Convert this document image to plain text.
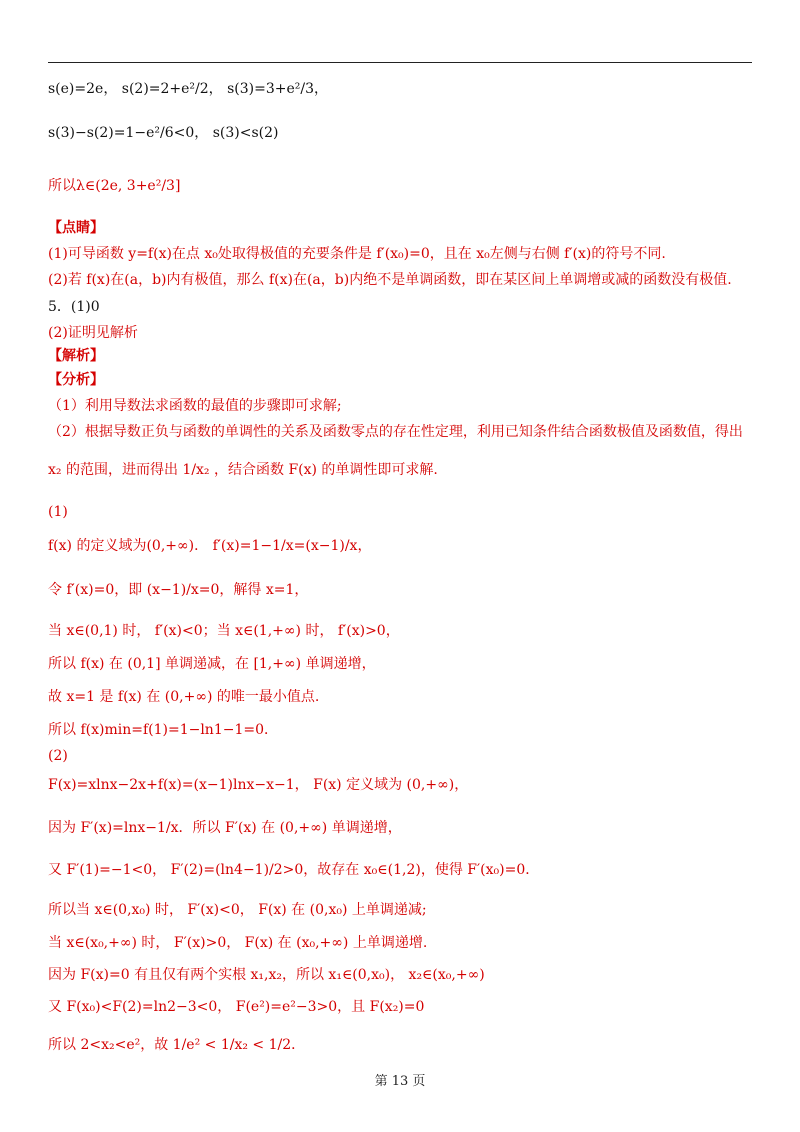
s(e)=2e， s(2)=2+e²/2， s(3)=3+e²/3，
s(3)−s(2)=1−e²/6<0， s(3)<s(2)
所以λ∈(2e, 3+e²/3]
【点睛】
(1)可导函数 y=f(x)在点 x₀处取得极值的充要条件是 f′(x₀)=0，且在 x₀左侧与右侧 f′(x)的符号不同.
(2)若 f(x)在(a，b)内有极值，那么 f(x)在(a，b)内绝不是单调函数，即在某区间上单调增或减的函数没有极值.
5．(1)0
(2)证明见解析
【解析】
【分析】
（1）利用导数法求函数的最值的步骤即可求解;
（2）根据导数正负与函数的单调性的关系及函数零点的存在性定理，利用已知条件结合函数极值及函数值，得出
x₂ 的范围，进而得出 1/x₂ ，结合函数 F(x) 的单调性即可求解.
(1)
f(x) 的定义域为(0,+∞)． f′(x)=1−1/x=(x−1)/x，
令 f′(x)=0，即 (x−1)/x=0，解得 x=1，
当 x∈(0,1) 时， f′(x)<0；当 x∈(1,+∞) 时， f′(x)>0，
所以 f(x) 在 (0,1] 单调递减，在 [1,+∞) 单调递增，
故 x=1 是 f(x) 在 (0,+∞) 的唯一最小值点.
所以 f(x)min=f(1)=1−ln1−1=0．
(2)
F(x)=xlnx−2x+f(x)=(x−1)lnx−x−1， F(x) 定义域为 (0,+∞)，
因为 F′(x)=lnx−1/x．所以 F′(x) 在 (0,+∞) 单调递增，
又 F′(1)=−1<0， F′(2)=(ln4−1)/2>0，故存在 x₀∈(1,2)，使得 F′(x₀)=0．
所以当 x∈(0,x₀) 时， F′(x)<0， F(x) 在 (0,x₀) 上单调递减;
当 x∈(x₀,+∞) 时， F′(x)>0， F(x) 在 (x₀,+∞) 上单调递增.
因为 F(x)=0 有且仅有两个实根 x₁,x₂，所以 x₁∈(0,x₀)， x₂∈(x₀,+∞)
又 F(x₀)<F(2)=ln2−3<0， F(e²)=e²−3>0，且 F(x₂)=0
所以 2<x₂<e²，故 1/e² < 1/x₂ < 1/2．
第 13 页
